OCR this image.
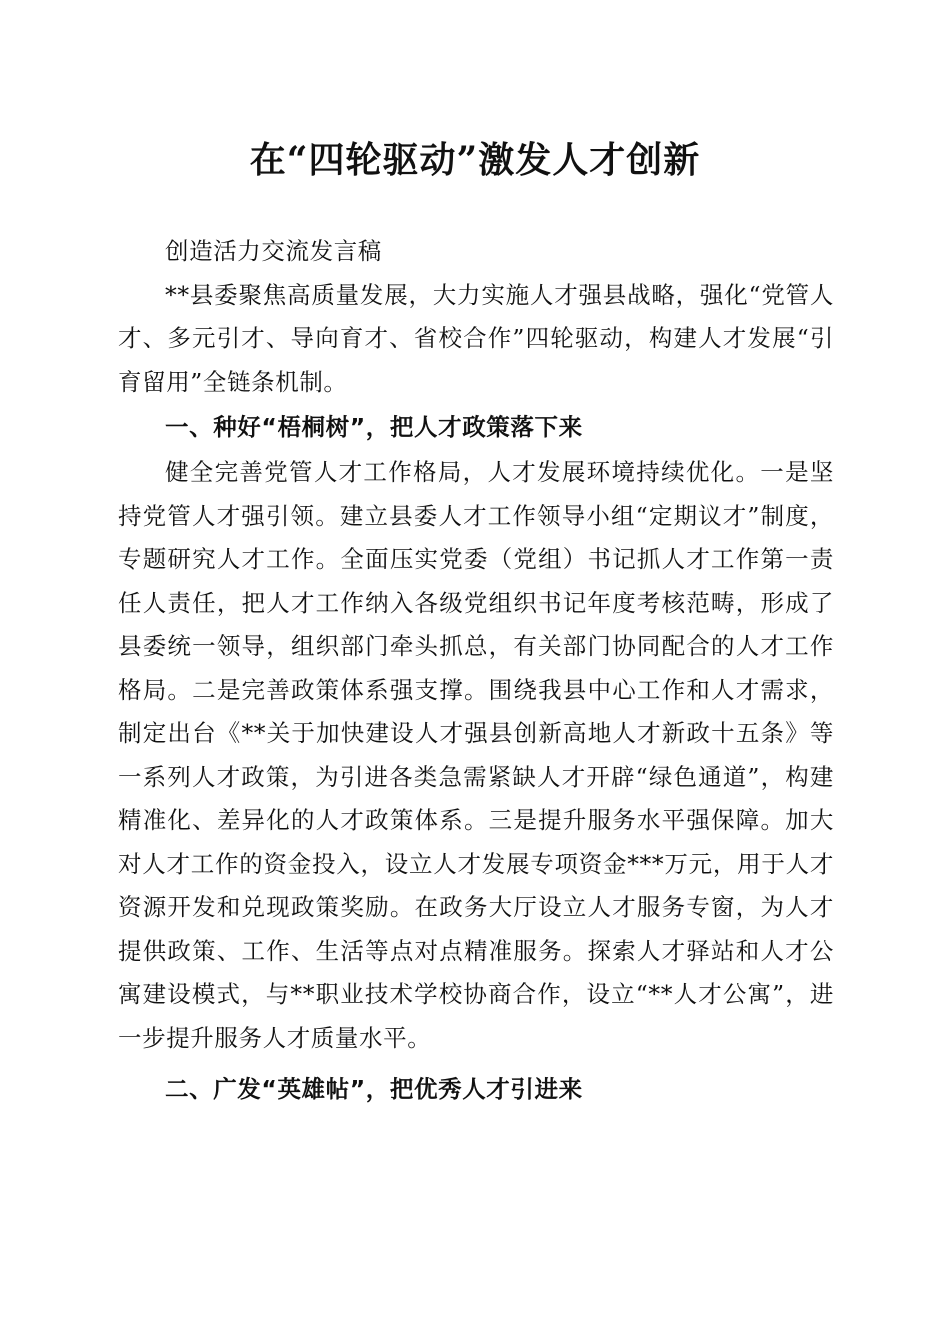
在“四轮驱动”激发人才创新

创造活力交流发言稿

**县委聚焦高质量发展，大力实施人才强县战略，强化“党管人才、多元引才、导向育才、省校合作”四轮驱动，构建人才发展“引育留用”全链条机制。

一、种好“梧桐树”，把人才政策落下来

健全完善党管人才工作格局，人才发展环境持续优化。一是坚持党管人才强引领。建立县委人才工作领导小组“定期议才”制度，专题研究人才工作。全面压实党委（党组）书记抓人才工作第一责任人责任，把人才工作纳入各级党组织书记年度考核范畴，形成了县委统一领导，组织部门牵头抓总，有关部门协同配合的人才工作格局。二是完善政策体系强支撑。围绕我县中心工作和人才需求，制定出台《**关于加快建设人才强县创新高地人才新政十五条》等一系列人才政策，为引进各类急需紧缺人才开辟“绿色通道”，构建精准化、差异化的人才政策体系。三是提升服务水平强保障。加大对人才工作的资金投入，设立人才发展专项资金***万元，用于人才资源开发和兑现政策奖励。在政务大厅设立人才服务专窗，为人才提供政策、工作、生活等点对点精准服务。探索人才驿站和人才公寓建设模式，与**职业技术学校协商合作，设立“**人才公寓”，进一步提升服务人才质量水平。

二、广发“英雄帖”，把优秀人才引进来
